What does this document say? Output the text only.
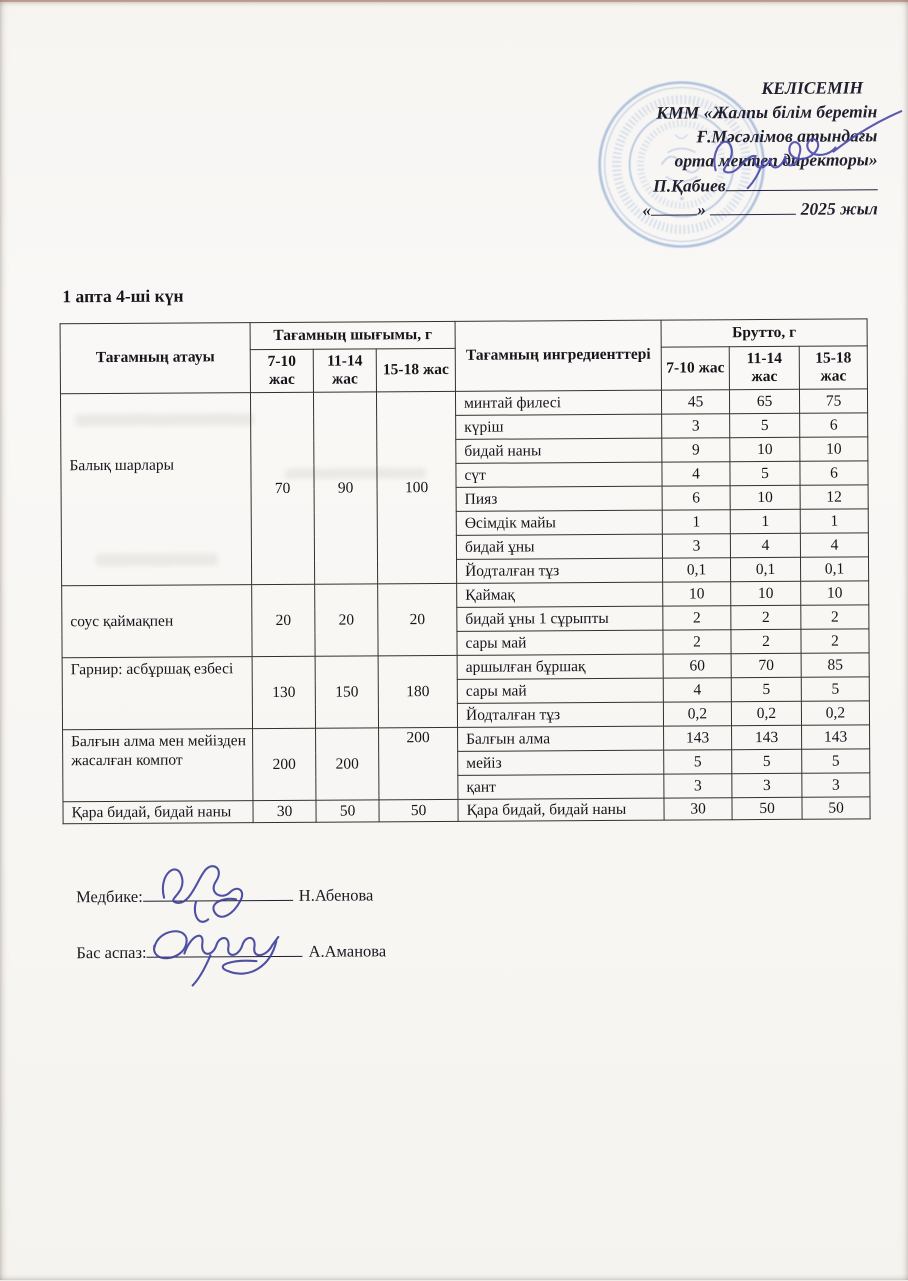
КЕЛІСЕМІН
КММ «Жалпы білім беретін
Ғ.Мәсәлімов атындағы
орта мектеп директоры»
П.Қабиев
«	»	2025 жыл
1 апта 4-ші күн
Тағамның атауы	Тағамның шығымы, г			Тағамның ингредиенттері	Брутто, г		
	7-10 жас	11-14 жас	15-18 жас		7-10 жас	11-14 жас	15-18 жас
Балық шарлары	70	90	100	минтай филесі	45	65	75
				күріш	3	5	6
				бидай наны	9	10	10
				сүт	4	5	6
				Пияз	6	10	12
				Өсімдік майы	1	1	1
				бидай ұны	3	4	4
				Йодталған тұз	0,1	0,1	0,1
соус қаймақпен	20	20	20	Қаймақ	10	10	10
				бидай ұны 1 сұрыпты	2	2	2
				сары май	2	2	2
Гарнир: асбұршақ езбесі	130	150	180	аршылған бұршақ	60	70	85
				сары май	4	5	5
				Йодталған тұз	0,2	0,2	0,2
Балғын алма мен мейізден жасалған компот	200	200	200	Балғын алма	143	143	143
				мейіз	5	5	5
				қант	3	3	3
Қара бидай, бидай наны	30	50	50	Қара бидай, бидай наны	30	50	50
Медбике:	Н.Абенова
Бас аспаз:	А.Аманова
